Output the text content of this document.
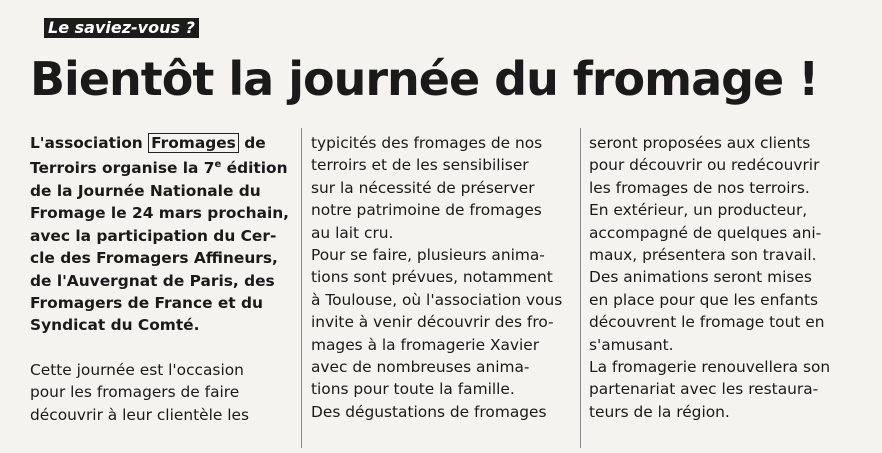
Le saviez-vous ?
Bientôt la journée du fromage !

L'association Fromages de

Terroirs organise la 7e édition

de la Journée Nationale du

Fromage le 24 mars prochain,

avec la participation du Cer-

cle des Fromagers Affineurs,

de l'Auvergnat de Paris, des

Fromagers de France et du

Syndicat du Comté.

Cette journée est l'occasion

pour les fromagers de faire

découvrir à leur clientèle les

typicités des fromages de nos

terroirs et de les sensibiliser

sur la nécessité de préserver

notre patrimoine de fromages

au lait cru.

Pour se faire, plusieurs anima-

tions sont prévues, notamment

à Toulouse, où l'association vous

invite à venir découvrir des fro-

mages à la fromagerie Xavier

avec de nombreuses anima-

tions pour toute la famille.

Des dégustations de fromages

seront proposées aux clients

pour découvrir ou redécouvrir

les fromages de nos terroirs.

En extérieur, un producteur,

accompagné de quelques ani-

maux, présentera son travail.

Des animations seront mises

en place pour que les enfants

découvrent le fromage tout en

s'amusant.

La fromagerie renouvellera son

partenariat avec les restaura-

teurs de la région.
